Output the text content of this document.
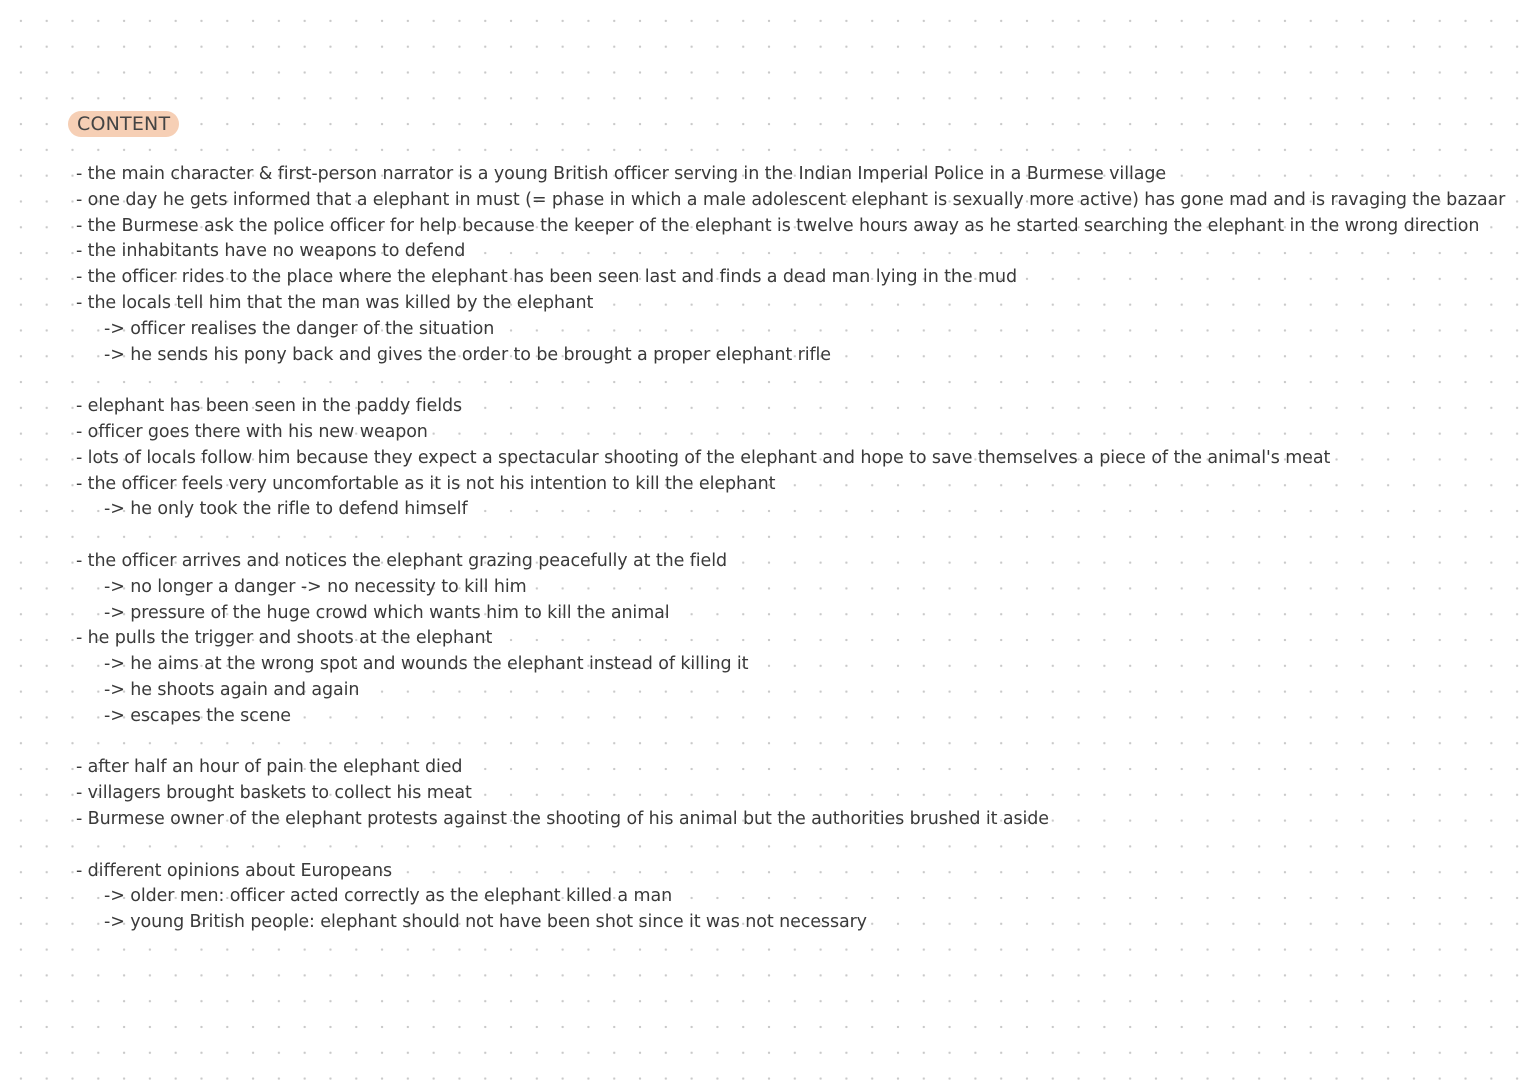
CONTENT
- the main character & first-person narrator is a young British officer serving in the Indian Imperial Police in a Burmese village
- one day he gets informed that a elephant in must (= phase in which a male adolescent elephant is sexually more active) has gone mad and is ravaging the bazaar
- the Burmese ask the police officer for help because the keeper of the elephant is twelve hours away as he started searching the elephant in the wrong direction
- the inhabitants have no weapons to defend
- the officer rides to the place where the elephant has been seen last and finds a dead man lying in the mud
- the locals tell him that the man was killed by the elephant
-> officer realises the danger of the situation
-> he sends his pony back and gives the order to be brought a proper elephant rifle
- elephant has been seen in the paddy fields
- officer goes there with his new weapon
- lots of locals follow him because they expect a spectacular shooting of the elephant and hope to save themselves a piece of the animal's meat
- the officer feels very uncomfortable as it is not his intention to kill the elephant
-> he only took the rifle to defend himself
- the officer arrives and notices the elephant grazing peacefully at the field
-> no longer a danger -> no necessity to kill him
-> pressure of the huge crowd which wants him to kill the animal
- he pulls the trigger and shoots at the elephant
-> he aims at the wrong spot and wounds the elephant instead of killing it
-> he shoots again and again
-> escapes the scene
- after half an hour of pain the elephant died
- villagers brought baskets to collect his meat
- Burmese owner of the elephant protests against the shooting of his animal but the authorities brushed it aside
- different opinions about Europeans
-> older men: officer acted correctly as the elephant killed a man
-> young British people: elephant should not have been shot since it was not necessary
